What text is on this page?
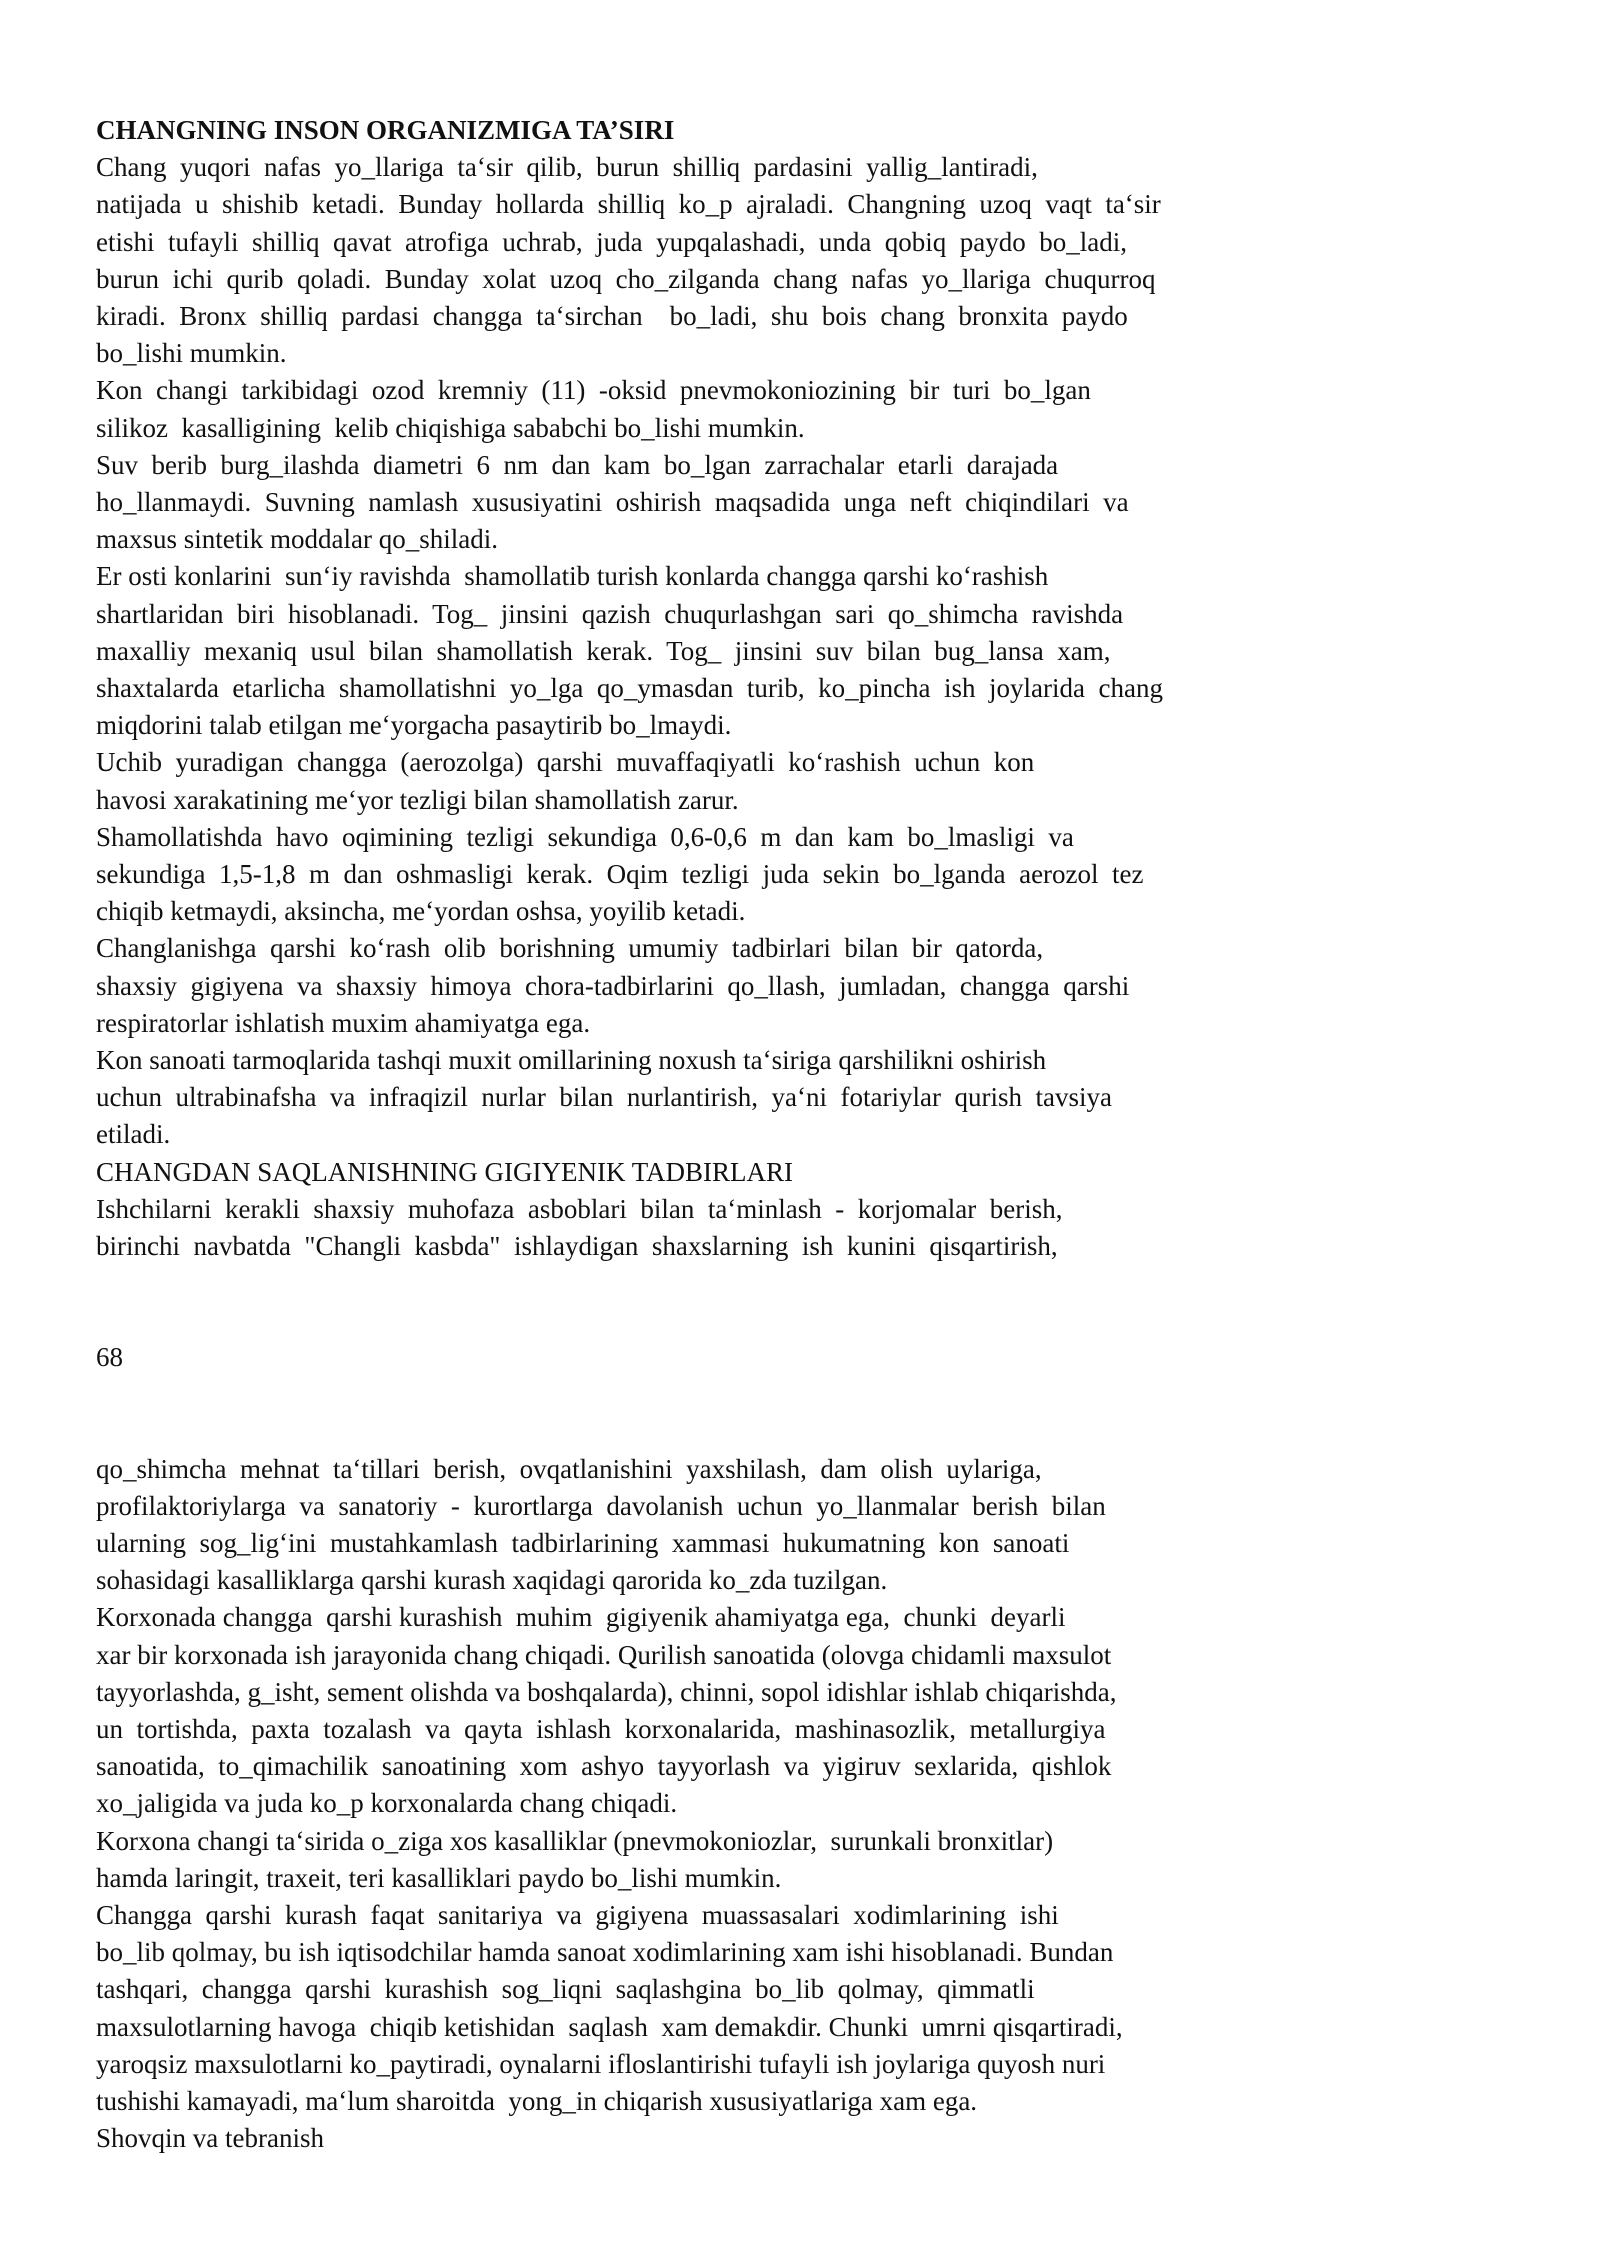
CHANGNING INSON ORGANIZMIGA TA’SIRI
Chang  yuqori  nafas  yo_llariga  ta‘sir  qilib,  burun  shilliq  pardasini  yallig_lantiradi,
natijada  u  shishib  ketadi.  Bunday  hollarda  shilliq  ko_p  ajraladi.  Changning  uzoq  vaqt  ta‘sir
etishi  tufayli  shilliq  qavat  atrofiga  uchrab,  juda  yupqalashadi,  unda  qobiq  paydo  bo_ladi,
burun  ichi  qurib  qoladi.  Bunday  xolat  uzoq  cho_zilganda  chang  nafas  yo_llariga  chuqurroq
kiradi.  Bronx  shilliq  pardasi  changga  ta‘sirchan    bo_ladi,  shu  bois  chang  bronxita  paydo
bo_lishi mumkin.
Kon  changi  tarkibidagi  ozod  kremniy  (11)  -oksid  pnevmokoniozining  bir  turi  bo_lgan
silikoz  kasalligining  kelib chiqishiga sababchi bo_lishi mumkin.
Suv  berib  burg_ilashda  diametri  6  nm  dan  kam  bo_lgan  zarrachalar  etarli  darajada
ho_llanmaydi.  Suvning  namlash  xususiyatini  oshirish  maqsadida  unga  neft  chiqindilari  va
maxsus sintetik moddalar qo_shiladi.
Er osti konlarini  sun‘iy ravishda  shamollatib turish konlarda changga qarshi ko‘rashish
shartlaridan  biri  hisoblanadi.  Tog_  jinsini  qazish  chuqurlashgan  sari  qo_shimcha  ravishda
maxalliy  mexaniq  usul  bilan  shamollatish  kerak.  Tog_  jinsini  suv  bilan  bug_lansa  xam,
shaxtalarda  etarlicha  shamollatishni  yo_lga  qo_ymasdan  turib,  ko_pincha  ish  joylarida  chang
miqdorini talab etilgan me‘yorgacha pasaytirib bo_lmaydi.
Uchib  yuradigan  changga  (aerozolga)  qarshi  muvaffaqiyatli  ko‘rashish  uchun  kon
havosi xarakatining me‘yor tezligi bilan shamollatish zarur.
Shamollatishda  havo  oqimining  tezligi  sekundiga  0,6-0,6  m  dan  kam  bo_lmasligi  va
sekundiga  1,5-1,8  m  dan  oshmasligi  kerak.  Oqim  tezligi  juda  sekin  bo_lganda  aerozol  tez
chiqib ketmaydi, aksincha, me‘yordan oshsa, yoyilib ketadi.
Changlanishga  qarshi  ko‘rash  olib  borishning  umumiy  tadbirlari  bilan  bir  qatorda,
shaxsiy  gigiyena  va  shaxsiy  himoya  chora-tadbirlarini  qo_llash,  jumladan,  changga  qarshi
respiratorlar ishlatish muxim ahamiyatga ega.
Kon sanoati tarmoqlarida tashqi muxit omillarining noxush ta‘siriga qarshilikni oshirish
uchun  ultrabinafsha  va  infraqizil  nurlar  bilan  nurlantirish,  ya‘ni  fotariylar  qurish  tavsiya
etiladi.
CHANGDAN SAQLANISHNING GIGIYENIK TADBIRLARI
Ishchilarni  kerakli  shaxsiy  muhofaza  asboblari  bilan  ta‘minlash  -  korjomalar  berish,
birinchi  navbatda  "Changli  kasbda"  ishlaydigan  shaxslarning  ish  kunini  qisqartirish,
68
qo_shimcha  mehnat  ta‘tillari  berish,  ovqatlanishini  yaxshilash,  dam  olish  uylariga,
profilaktoriylarga  va  sanatoriy  -  kurortlarga  davolanish  uchun  yo_llanmalar  berish  bilan
ularning  sog_lig‘ini  mustahkamlash  tadbirlarining  xammasi  hukumatning  kon  sanoati
sohasidagi kasalliklarga qarshi kurash xaqidagi qarorida ko_zda tuzilgan.
Korxonada changga  qarshi kurashish  muhim  gigiyenik ahamiyatga ega,  chunki  deyarli
xar bir korxonada ish jarayonida chang chiqadi. Qurilish sanoatida (olovga chidamli maxsulot
tayyorlashda, g_isht, sement olishda va boshqalarda), chinni, sopol idishlar ishlab chiqarishda,
un  tortishda,  paxta  tozalash  va  qayta  ishlash  korxonalarida,  mashinasozlik,  metallurgiya
sanoatida,  to_qimachilik  sanoatining  xom  ashyo  tayyorlash  va  yigiruv  sexlarida,  qishlok
xo_jaligida va juda ko_p korxonalarda chang chiqadi.
Korxona changi ta‘sirida o_ziga xos kasalliklar (pnevmokoniozlar,  surunkali bronxitlar)
hamda laringit, traxeit, teri kasalliklari paydo bo_lishi mumkin.
Changga  qarshi  kurash  faqat  sanitariya  va  gigiyena  muassasalari  xodimlarining  ishi
bo_lib qolmay, bu ish iqtisodchilar hamda sanoat xodimlarining xam ishi hisoblanadi. Bundan
tashqari,  changga  qarshi  kurashish  sog_liqni  saqlashgina  bo_lib  qolmay,  qimmatli
maxsulotlarning havoga  chiqib ketishidan  saqlash  xam demakdir. Chunki  umrni qisqartiradi,
yaroqsiz maxsulotlarni ko_paytiradi, oynalarni ifloslantirishi tufayli ish joylariga quyosh nuri
tushishi kamayadi, ma‘lum sharoitda  yong_in chiqarish xususiyatlariga xam ega.
Shovqin va tebranish
